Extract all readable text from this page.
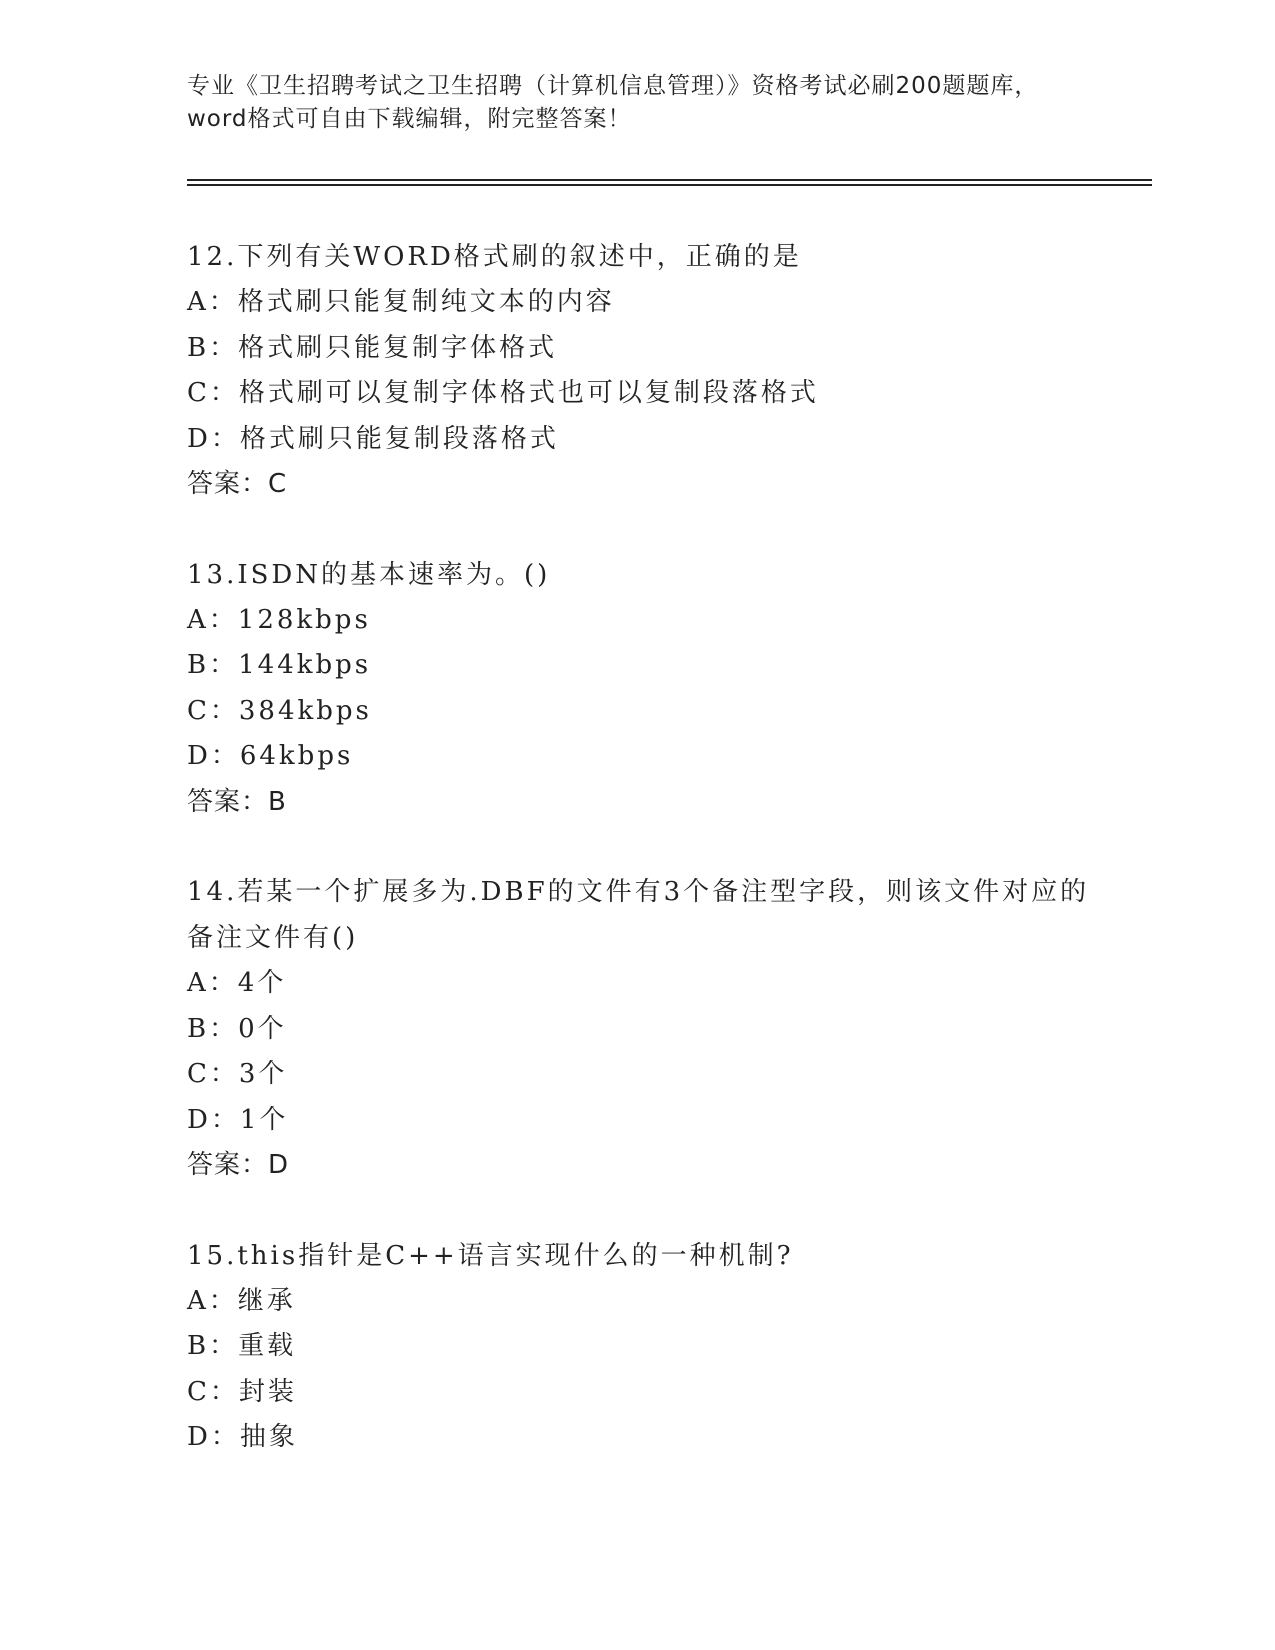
专业《卫生招聘考试之卫生招聘（计算机信息管理）》资格考试必刷200题题库，
word格式可自由下载编辑，附完整答案！
12.下列有关WORD格式刷的叙述中，正确的是
A：格式刷只能复制纯文本的内容
B：格式刷只能复制字体格式
C：格式刷可以复制字体格式也可以复制段落格式
D：格式刷只能复制段落格式
答案：C
13.ISDN的基本速率为。()
A：128kbps
B：144kbps
C：384kbps
D：64kbps
答案：B
14.若某一个扩展多为.DBF的文件有3个备注型字段，则该文件对应的
备注文件有()
A：4个
B：0个
C：3个
D：1个
答案：D
15.this指针是C++语言实现什么的一种机制?
A：继承
B：重载
C：封装
D：抽象
